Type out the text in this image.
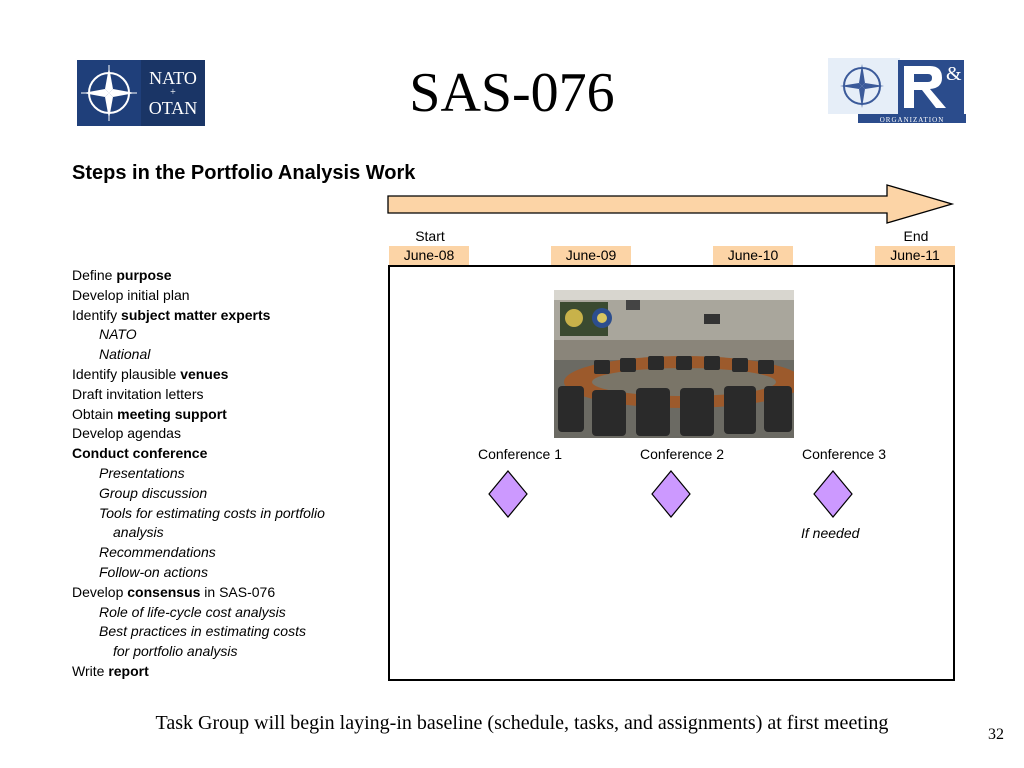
NATO
+
OTAN	SAS-076	&
ORGANIZATION
Steps in the Portfolio Analysis Work
Start	End
June-08	June-09	June-10	June-11
Conference 1	Conference 2	Conference 3
If needed
Define purpose
Develop initial plan
Identify subject matter experts
NATO
National
Identify plausible venues
Draft invitation letters
Obtain meeting support
Develop agendas
Conduct conference
Presentations
Group discussion
Tools for estimating costs in portfolio
analysis
Recommendations
Follow-on actions
Develop consensus in SAS-076
Role of life-cycle cost analysis
Best practices in estimating costs
for portfolio analysis
Write report
Task Group will begin laying-in baseline (schedule, tasks, and assignments) at first meeting
32
